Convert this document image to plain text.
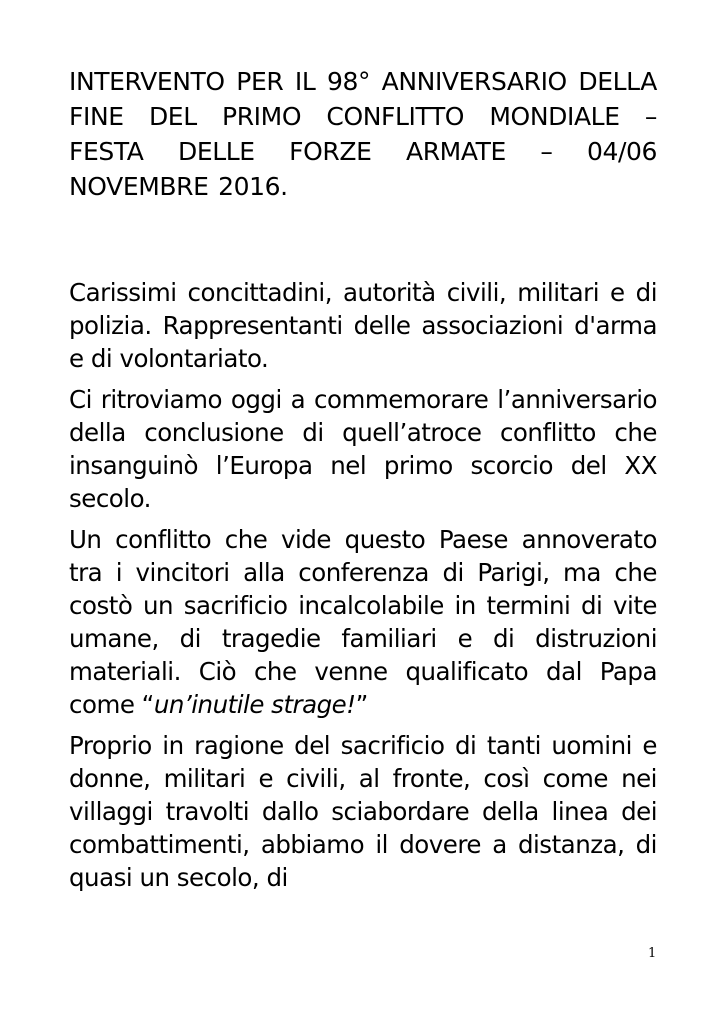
INTERVENTO PER IL 98° ANNIVERSARIO DELLA FINE DEL PRIMO CONFLITTO MONDIALE – FESTA DELLE FORZE ARMATE – 04/06 NOVEMBRE 2016.

Carissimi concittadini, autorità civili, militari e di polizia. Rappresentanti delle associazioni d'arma e di volontariato.

Ci ritroviamo oggi a commemorare l’anniversario della conclusione di quell’atroce conflitto che insanguinò l’Europa nel primo scorcio del XX secolo.

Un conflitto che vide questo Paese annoverato tra i vincitori alla conferenza di Parigi, ma che costò un sacrificio incalcolabile in termini di vite umane, di tragedie familiari e di distruzioni materiali. Ciò che venne qualificato dal Papa come “un’inutile strage!”

Proprio in ragione del sacrificio di tanti uomini e donne, militari e civili, al fronte, così come nei villaggi travolti dallo sciabordare della linea dei combattimenti, abbiamo il dovere a distanza, di quasi un secolo, di

1
